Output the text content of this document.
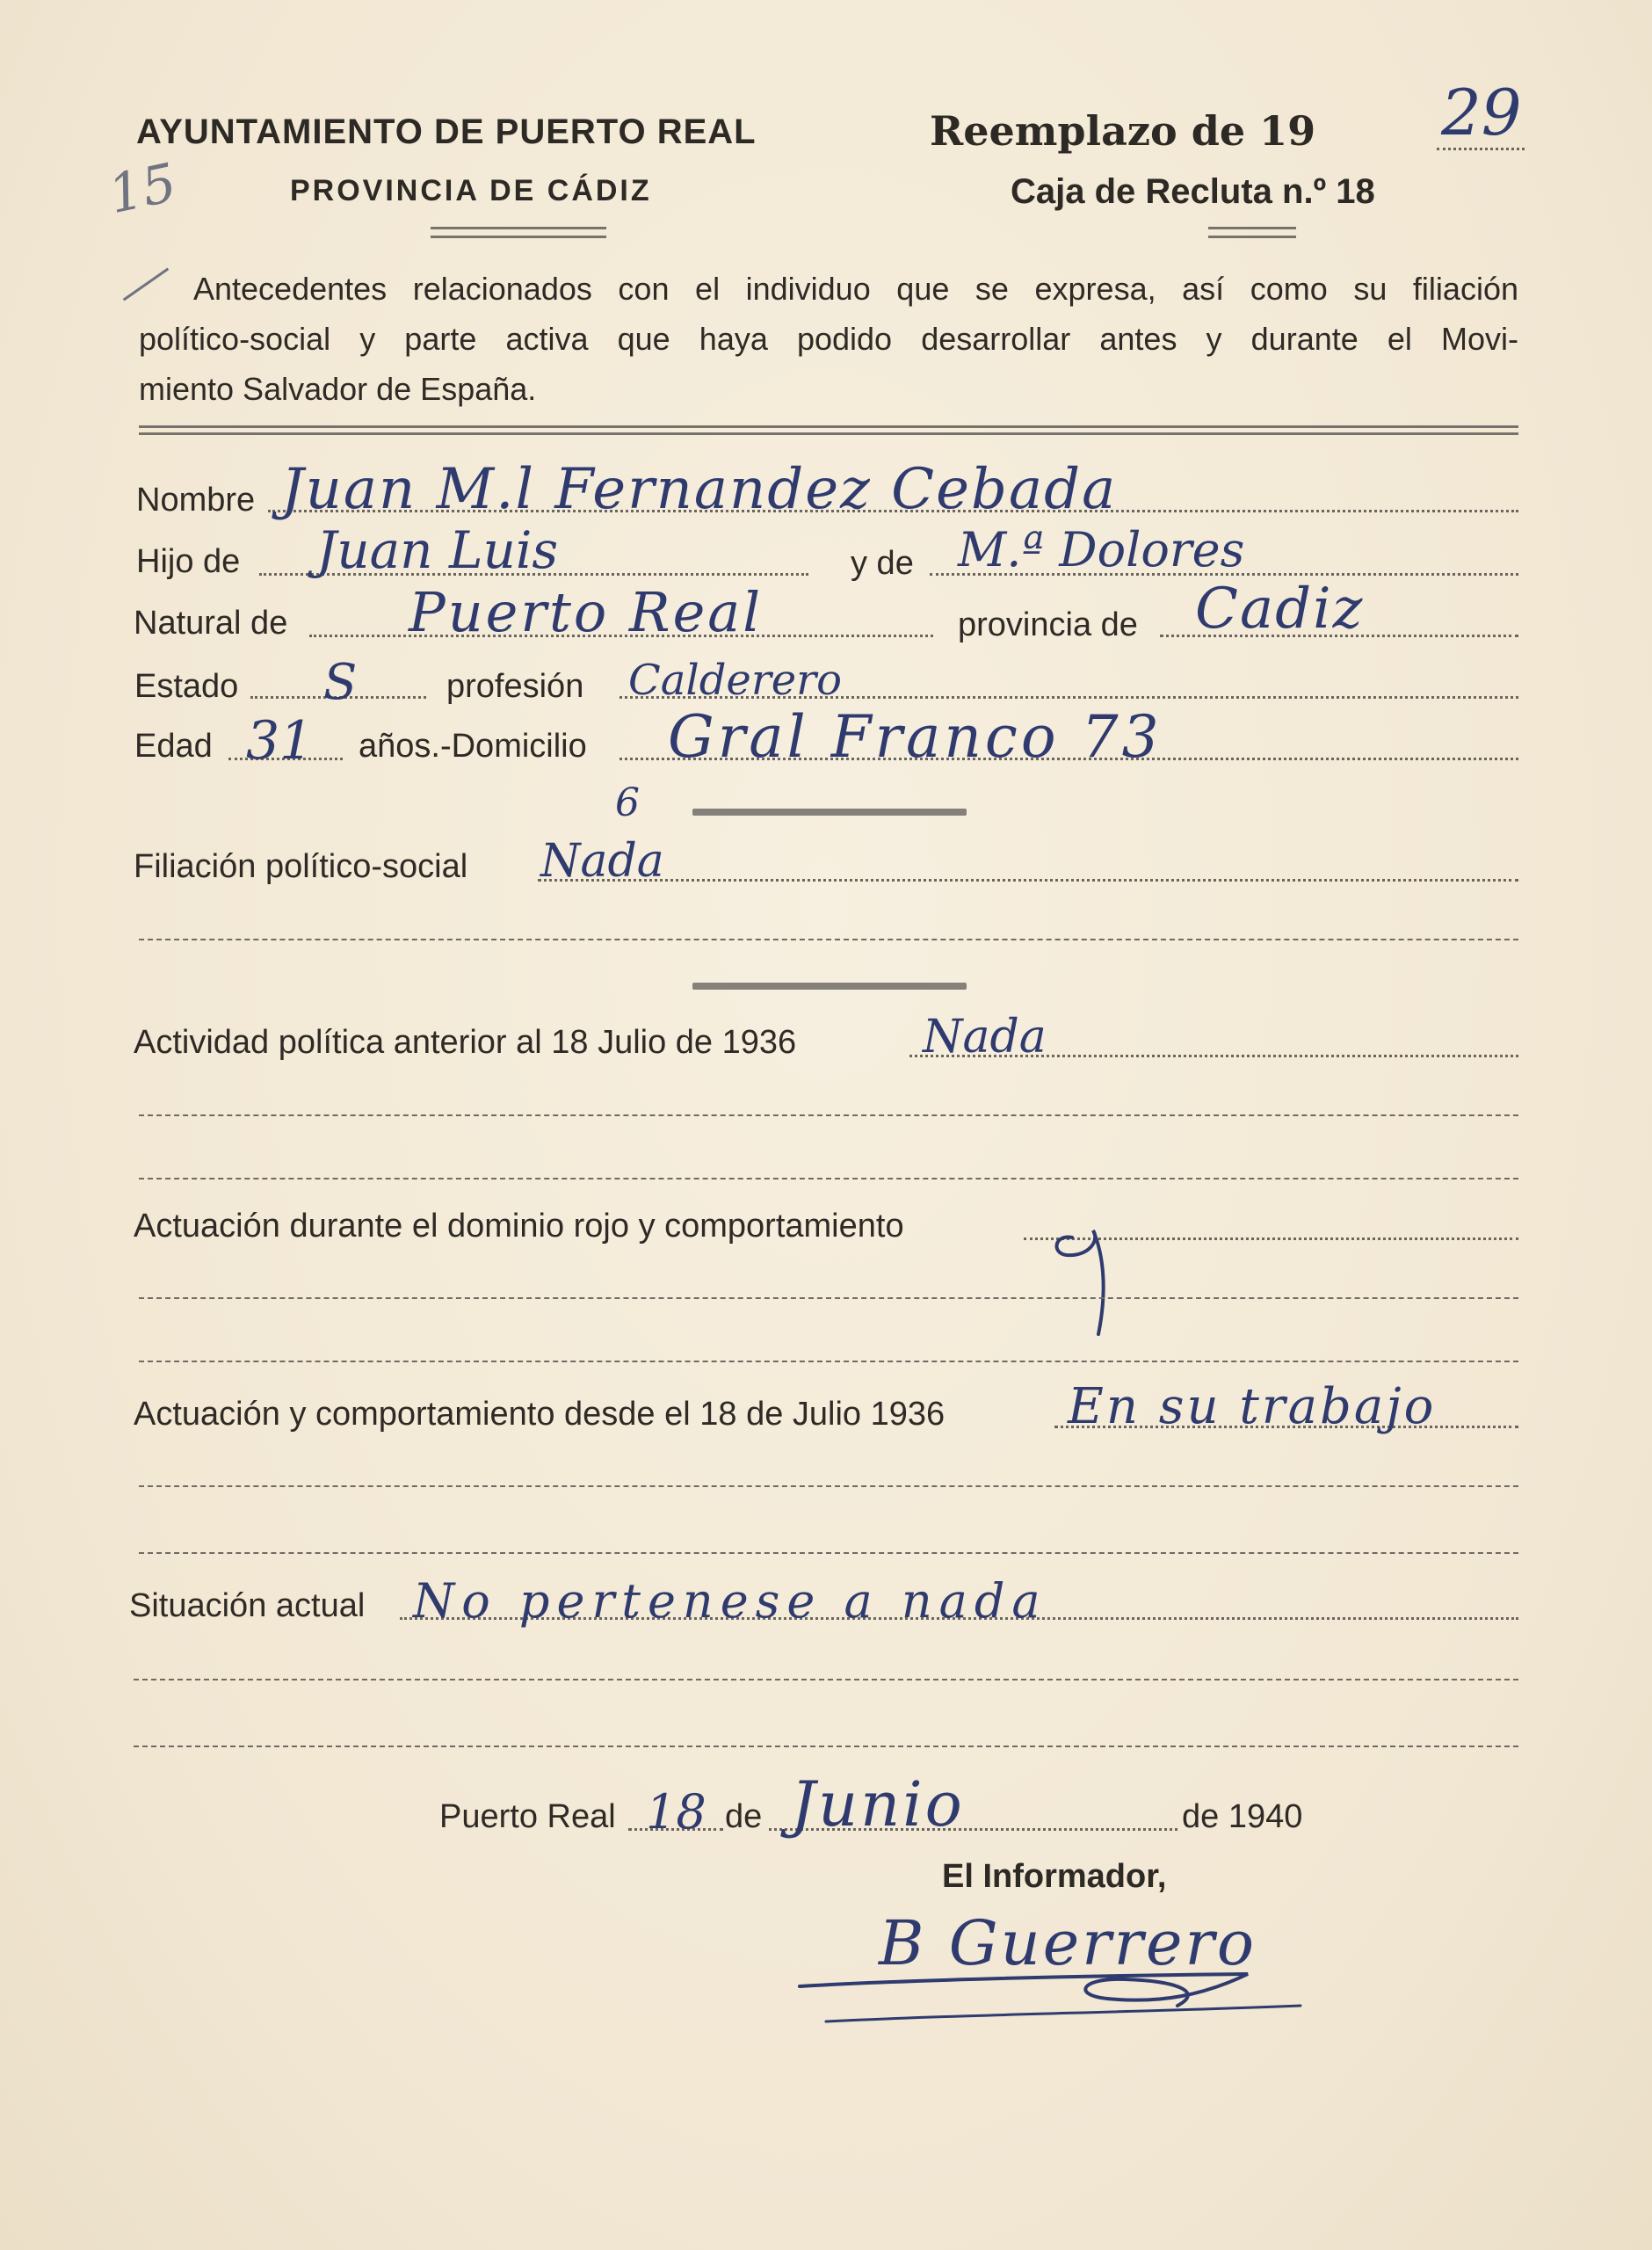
AYUNTAMIENTO DE PUERTO REAL
PROVINCIA DE CÁDIZ
Reemplazo de 19 29
Caja de Recluta n.º 18
15
Antecedentes relacionados con el individuo que se expresa, así como su filiación
político-social y parte activa que haya podido desarrollar antes y durante el Movi-
miento Salvador de España.
Nombre Juan M.l Fernandez Cebada
Hijo de Juan Luis	y de M.ª Dolores
Natural de Puerto Real	provincia de Cadiz
Estado S	profesión Calderero
Edad 31 años.-Domicilio Gral Franco 73
Filiación político-social Nada
6
Actividad política anterior al 18 Julio de 1936	Nada
Actuación durante el dominio rojo y comportamiento
Actuación y comportamiento desde el 18 de Julio 1936 En su trabajo
Situación actual No pertenese a nada
Puerto Real 18 de Junio	de 1940
El Informador,
B Guerrero
